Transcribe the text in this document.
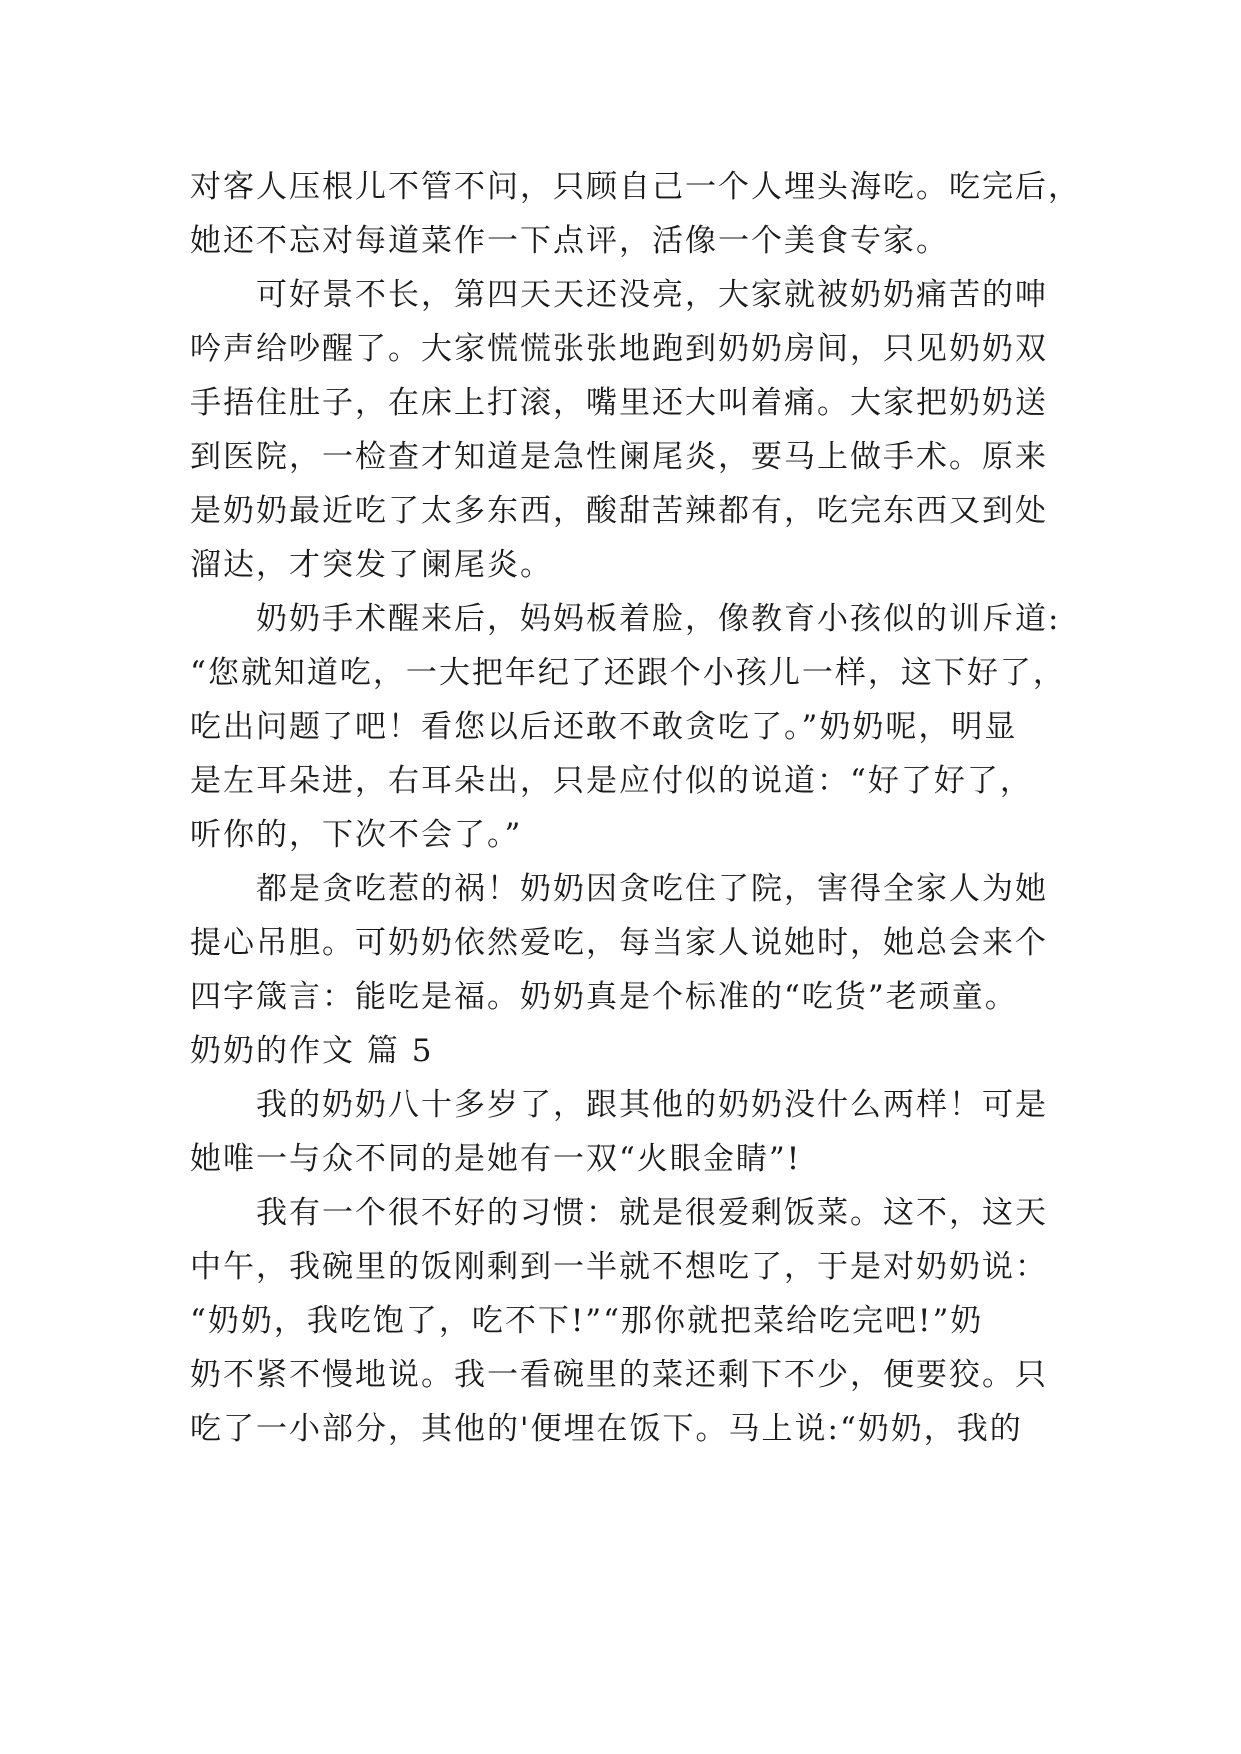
对客人压根儿不管不问，只顾自己一个人埋头海吃。吃完后，
她还不忘对每道菜作一下点评，活像一个美食专家。
可好景不长，第四天天还没亮，大家就被奶奶痛苦的呻
吟声给吵醒了。大家慌慌张张地跑到奶奶房间，只见奶奶双
手捂住肚子，在床上打滚，嘴里还大叫着痛。大家把奶奶送
到医院，一检查才知道是急性阑尾炎，要马上做手术。原来
是奶奶最近吃了太多东西，酸甜苦辣都有，吃完东西又到处
溜达，才突发了阑尾炎。
奶奶手术醒来后，妈妈板着脸，像教育小孩似的训斥道:
“您就知道吃，一大把年纪了还跟个小孩儿一样，这下好了，
吃出问题了吧！看您以后还敢不敢贪吃了。”奶奶呢，明显
是左耳朵进，右耳朵出，只是应付似的说道：“好了好了，
听你的，下次不会了。”
都是贪吃惹的祸！奶奶因贪吃住了院，害得全家人为她
提心吊胆。可奶奶依然爱吃，每当家人说她时，她总会来个
四字箴言：能吃是福。奶奶真是个标准的“吃货”老顽童。
奶奶的作文 篇 5
我的奶奶八十多岁了，跟其他的奶奶没什么两样！可是
她唯一与众不同的是她有一双“火眼金睛”!
我有一个很不好的习惯：就是很爱剩饭菜。这不，这天
中午，我碗里的饭刚剩到一半就不想吃了，于是对奶奶说：
“奶奶，我吃饱了，吃不下!”“那你就把菜给吃完吧!”奶
奶不紧不慢地说。我一看碗里的菜还剩下不少，便要狡。只
吃了一小部分，其他的'便埋在饭下。马上说:“奶奶，我的
